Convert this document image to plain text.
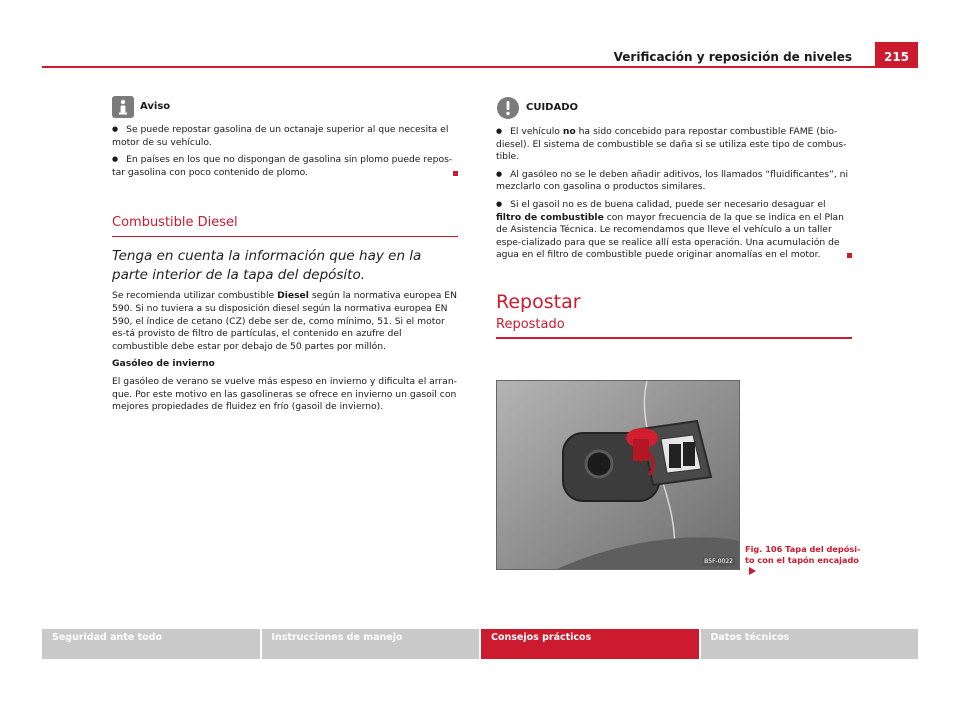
Verificación y reposición de niveles	215
Aviso

● Se puede repostar gasolina de un octanaje superior al que necesita el motor de su vehículo.

● En países en los que no dispongan de gasolina sin plomo puede repos-tar gasolina con poco contenido de plomo.

Combustible Diesel

Tenga en cuenta la información que hay en la parte interior de la tapa del depósito.

Se recomienda utilizar combustible Diesel según la normativa europea EN 590. Si no tuviera a su disposición diesel según la normativa europea EN 590, el índice de cetano (CZ) debe ser de, como mínimo, 51. Si el motor es-tá provisto de filtro de partículas, el contenido en azufre del combustible debe estar por debajo de 50 partes por millón.

Gasóleo de invierno

El gasóleo de verano se vuelve más espeso en invierno y dificulta el arran-que. Por este motivo en las gasolineras se ofrece en invierno un gasoil con mejores propiedades de fluidez en frío (gasoil de invierno).

CUIDADO

● El vehículo no ha sido concebido para repostar combustible FAME (bio-diesel). El sistema de combustible se daña si se utiliza este tipo de combus-tible.

● Al gasóleo no se le deben añadir aditivos, los llamados “fluidificantes”, ni mezclarlo con gasolina o productos similares.

● Si el gasoil no es de buena calidad, puede ser necesario desaguar el filtro de combustible con mayor frecuencia de la que se indica en el Plan de Asistencia Técnica. Le recomendamos que lleve el vehículo a un taller espe-cializado para que se realice allí esta operación. Una acumulación de agua en el filtro de combustible puede originar anomalías en el motor.

Repostar
Repostado
B5F-0022
Fig. 106 Tapa del depósi-to con el tapón encajado
Seguridad ante todo	Instrucciones de manejo	Consejos prácticos	Datos técnicos
